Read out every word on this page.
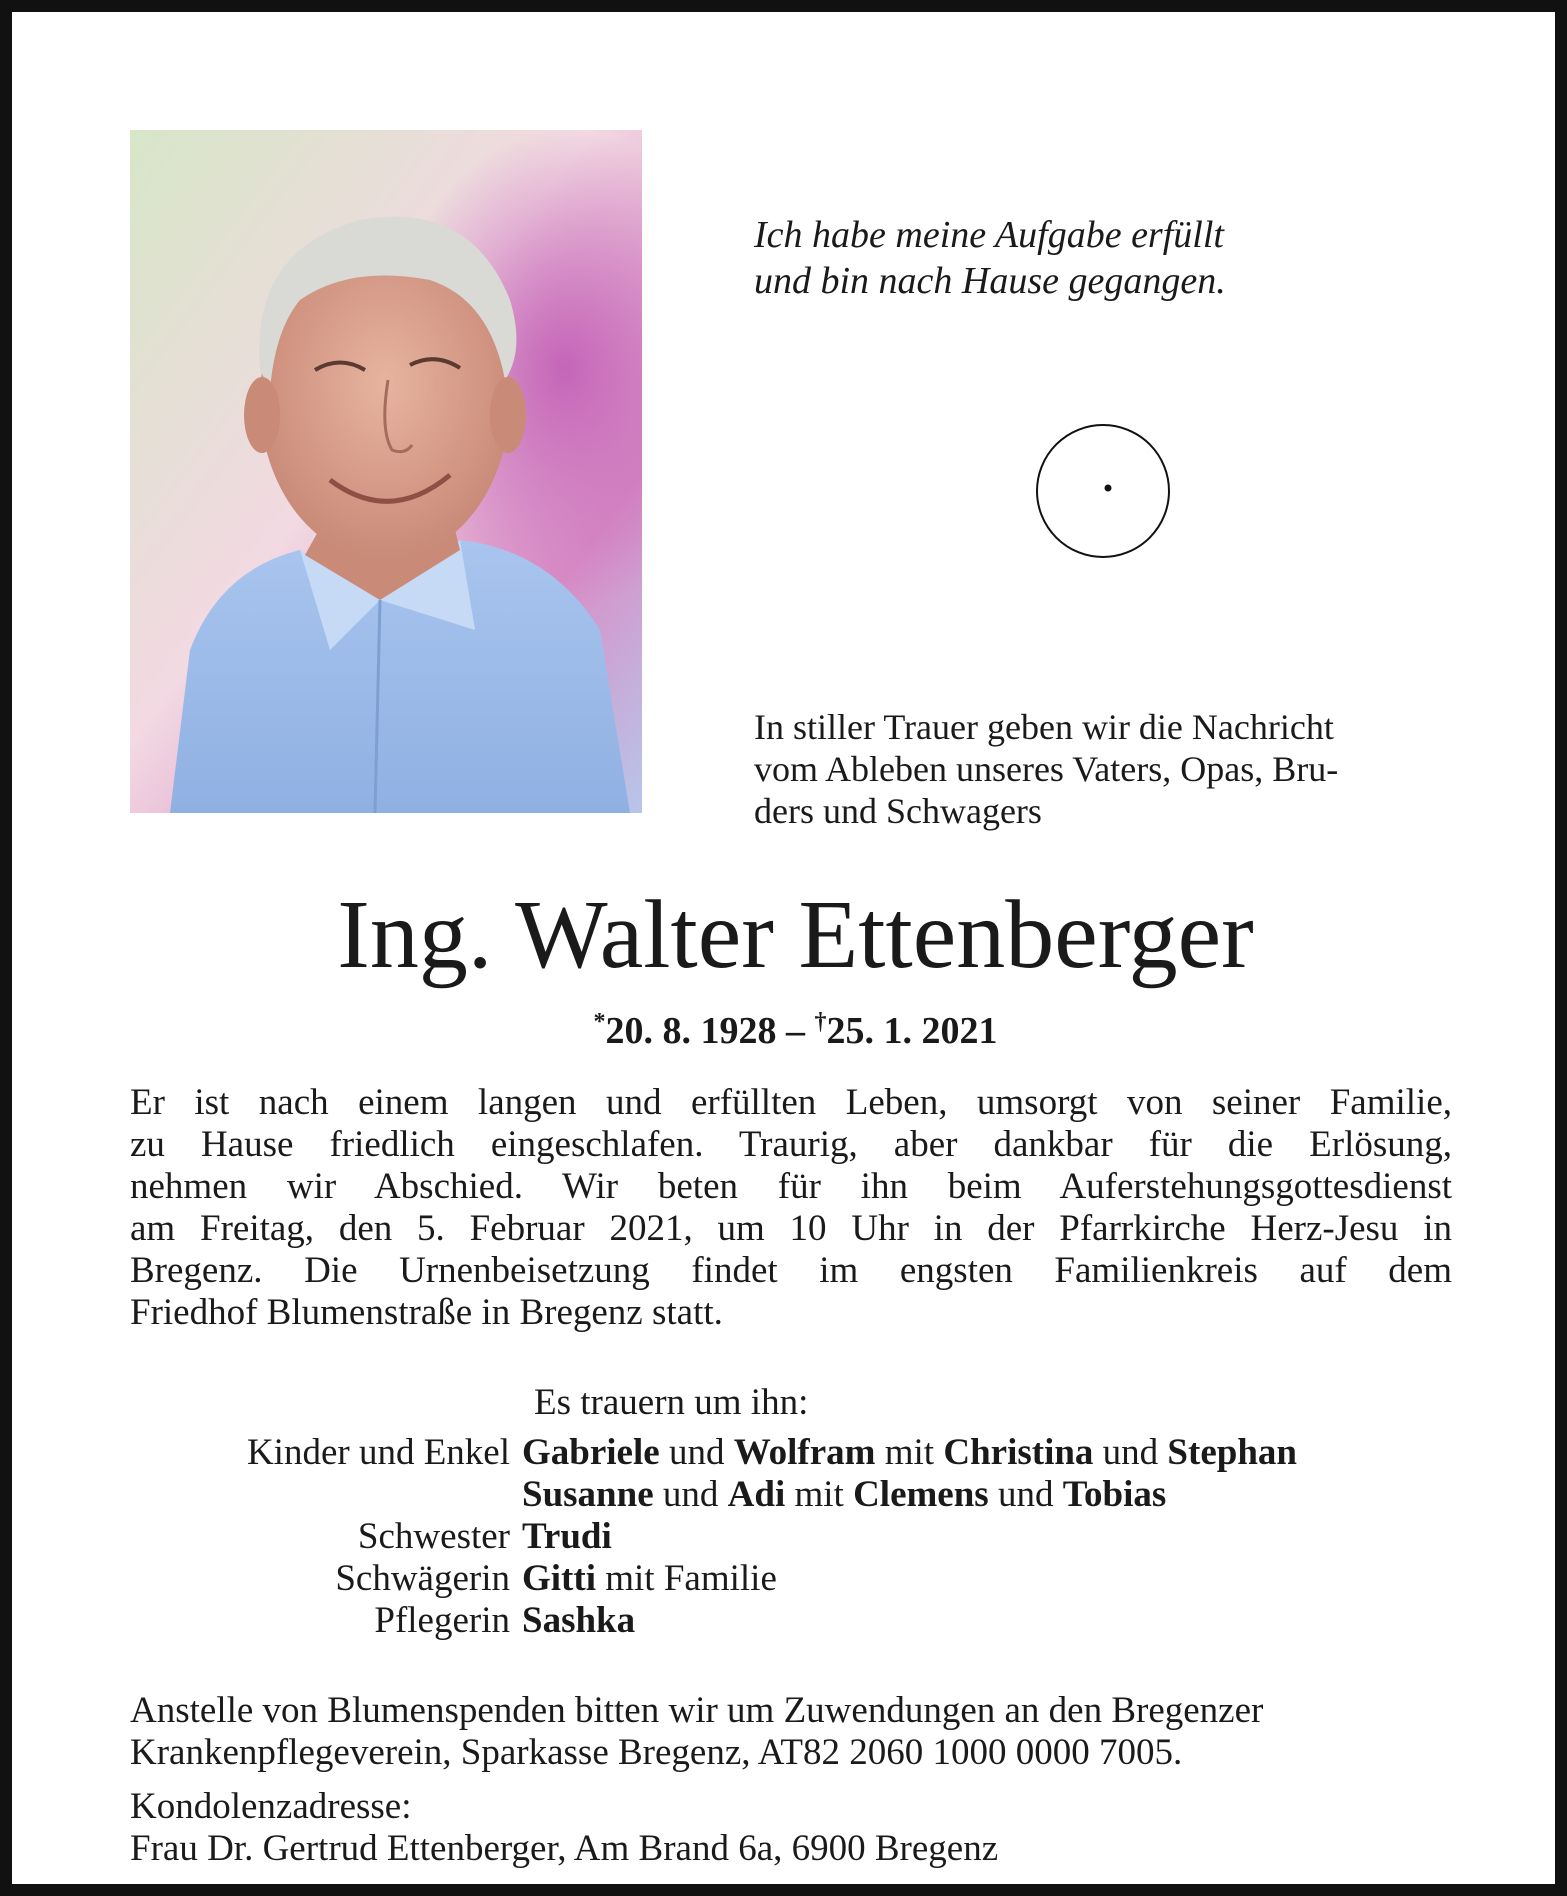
Ich habe meine Aufgabe erfüllt
und bin nach Hause gegangen.

In stiller Trauer geben wir die Nachricht
vom Ableben unseres Vaters, Opas, Bru-
ders und Schwagers

Ing. Walter Ettenberger
*20. 8. 1928 – †25. 1. 2021

Er ist nach einem langen und erfüllten Leben, umsorgt von seiner Familie,
zu Hause friedlich eingeschlafen. Traurig, aber dankbar für die Erlösung,
nehmen wir Abschied. Wir beten für ihn beim Auferstehungsgottesdienst
am Freitag, den 5. Februar 2021, um 10 Uhr in der Pfarrkirche Herz-Jesu in
Bregenz. Die Urnenbeisetzung findet im engsten Familienkreis auf dem
Friedhof Blumenstraße in Bregenz statt.

Es trauern um ihn:
Kinder und Enkel Gabriele und Wolfram mit Christina und Stephan
Susanne und Adi mit Clemens und Tobias
Schwester Trudi
Schwägerin Gitti mit Familie
Pflegerin Sashka
Anstelle von Blumenspenden bitten wir um Zuwendungen an den Bregenzer
Krankenpflegeverein, Sparkasse Bregenz, AT82 2060 1000 0000 7005.
Kondolenzadresse:
Frau Dr. Gertrud Ettenberger, Am Brand 6a, 6900 Bregenz
